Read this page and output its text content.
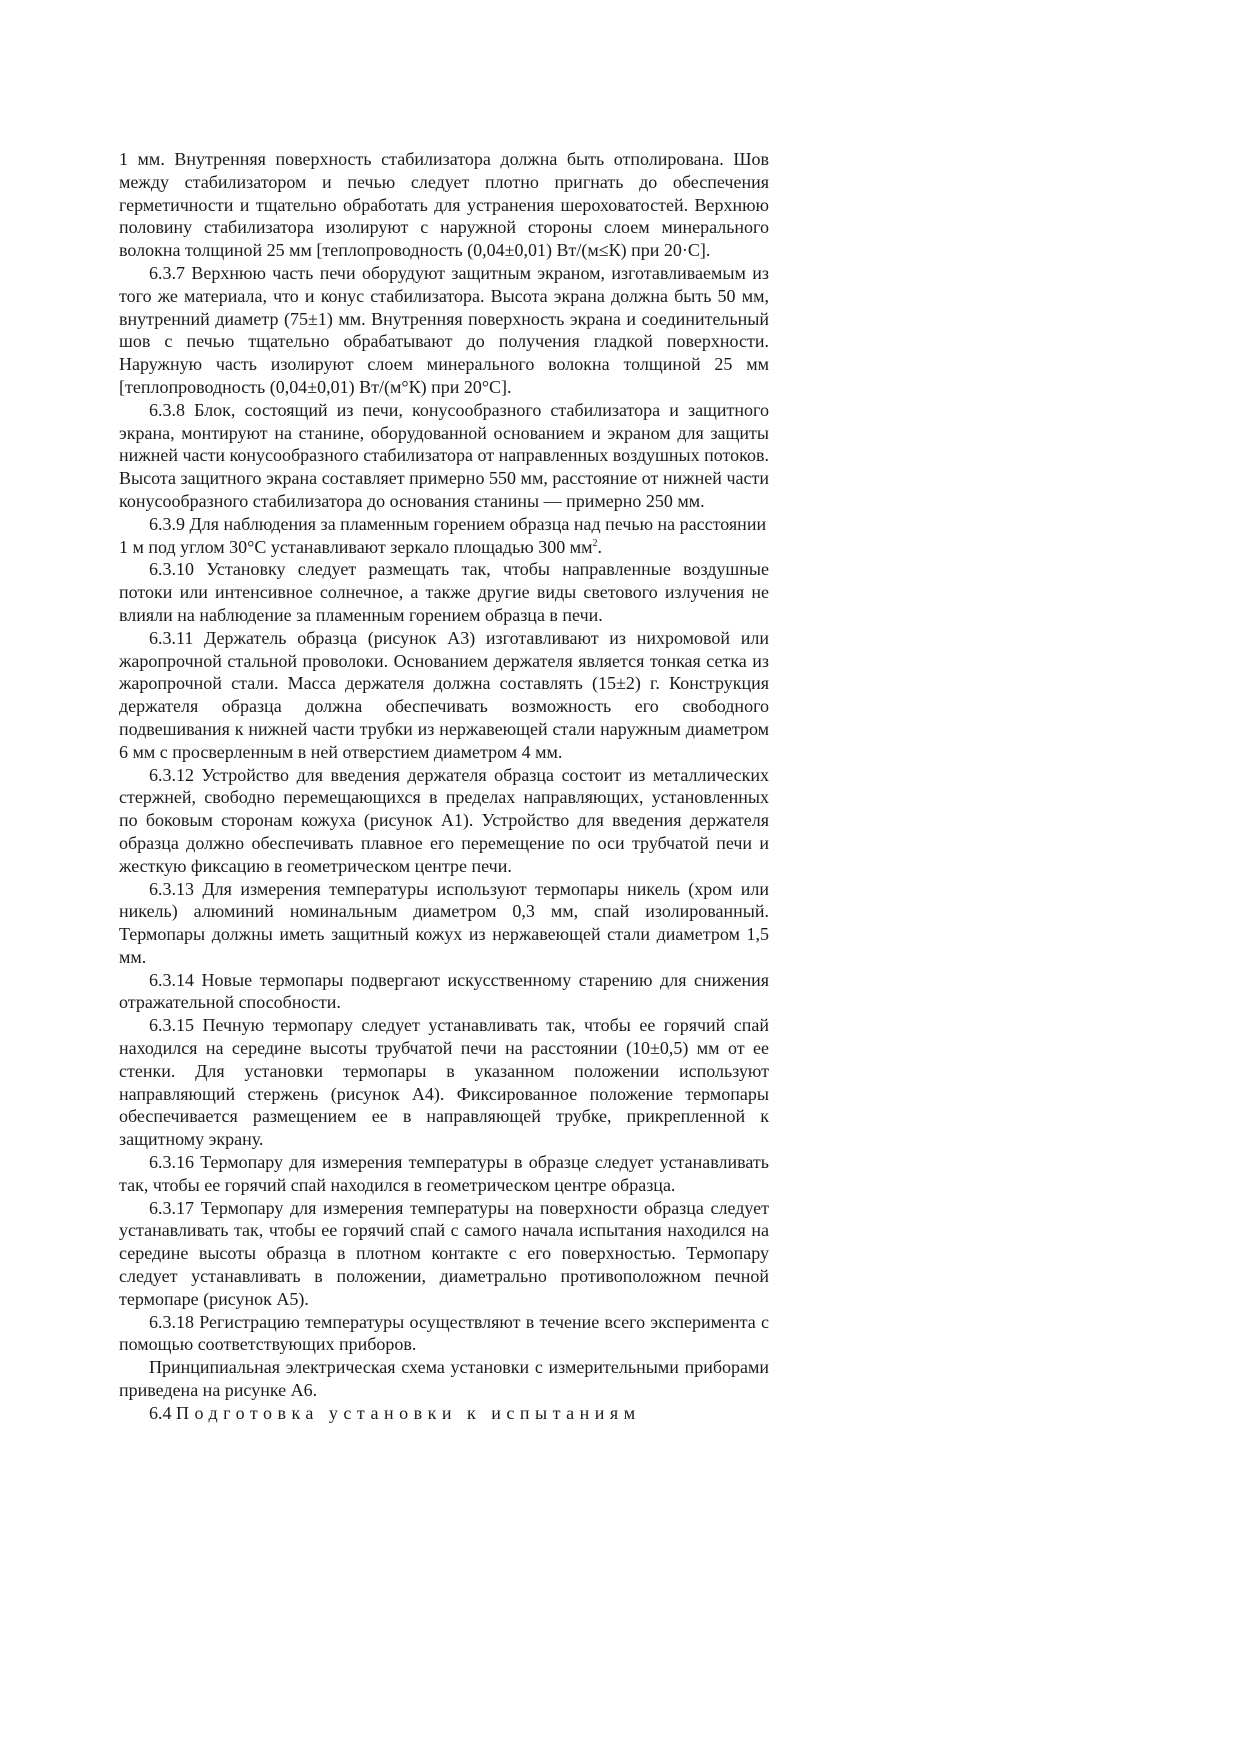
1 мм. Внутренняя поверхность стабилизатора должна быть отполирована. Шов между стабилизатором и печью следует плотно пригнать до обеспечения герметичности и тщательно обработать для устранения шероховатостей. Верхнюю половину стабилизатора изолируют с наружной стороны слоем минерального волокна толщиной 25 мм [теплопроводность (0,04±0,01) Вт/(м≤К) при 20·С].

6.3.7 Верхнюю часть печи оборудуют защитным экраном, изготавливаемым из того же материала, что и конус стабилизатора. Высота экрана должна быть 50 мм, внутренний диаметр (75±1) мм. Внутренняя поверхность экрана и соединительный шов с печью тщательно обрабатывают до получения гладкой поверхности. Наружную часть изолируют слоем минерального волокна толщиной 25 мм [теплопроводность (0,04±0,01) Вт/(м°К) при 20°С].

6.3.8 Блок, состоящий из печи, конусообразного стабилизатора и защитного экрана, монтируют на станине, оборудованной основанием и экраном для защиты нижней части конусообразного стабилизатора от направленных воздушных потоков. Высота защитного экрана составляет примерно 550 мм, расстояние от нижней части конусообразного стабилизатора до основания станины — примерно 250 мм.

6.3.9 Для наблюдения за пламенным горением образца над печью на расстоянии 1 м под углом 30°С устанавливают зеркало площадью 300 $мм^2$.

6.3.10 Установку следует размещать так, чтобы направленные воздушные потоки или интенсивное солнечное, а также другие виды светового излучения не влияли на наблюдение за пламенным горением образца в печи.

6.3.11 Держатель образца (рисунок А3) изготавливают из нихромовой или жаропрочной стальной проволоки. Основанием держателя является тонкая сетка из жаропрочной стали. Масса держателя должна составлять (15±2) г. Конструкция держателя образца должна обеспечивать возможность его свободного подвешивания к нижней части трубки из нержавеющей стали наружным диаметром 6 мм с просверленным в ней отверстием диаметром 4 мм.

6.3.12 Устройство для введения держателя образца состоит из металлических стержней, свободно перемещающихся в пределах направляющих, установленных по боковым сторонам кожуха (рисунок А1). Устройство для введения держателя образца должно обеспечивать плавное его перемещение по оси трубчатой печи и жесткую фиксацию в геометрическом центре печи.

6.3.13 Для измерения температуры используют термопары никель (хром или никель) алюминий номинальным диаметром 0,3 мм, спай изолированный. Термопары должны иметь защитный кожух из нержавеющей стали диаметром 1,5 мм.

6.3.14 Новые термопары подвергают искусственному старению для снижения отражательной способности.

6.3.15 Печную термопару следует устанавливать так, чтобы ее горячий спай находился на середине высоты трубчатой печи на расстоянии (10±0,5) мм от ее стенки. Для установки термопары в указанном положении используют направляющий стержень (рисунок А4). Фиксированное положение термопары обеспечивается размещением ее в направляющей трубке, прикрепленной к защитному экрану.

6.3.16 Термопару для измерения температуры в образце следует устанавливать так, чтобы ее горячий спай находился в геометрическом центре образца.

6.3.17 Термопару для измерения температуры на поверхности образца следует устанавливать так, чтобы ее горячий спай с самого начала испытания находился на середине высоты образца в плотном контакте с его поверхностью. Термопару следует устанавливать в положении, диаметрально противоположном печной термопаре (рисунок А5).

6.3.18 Регистрацию температуры осуществляют в течение всего эксперимента с помощью соответствующих приборов.

Принципиальная электрическая схема установки с измерительными приборами приведена на рисунке А6.

6.4 Подготовка установки к испытаниям
